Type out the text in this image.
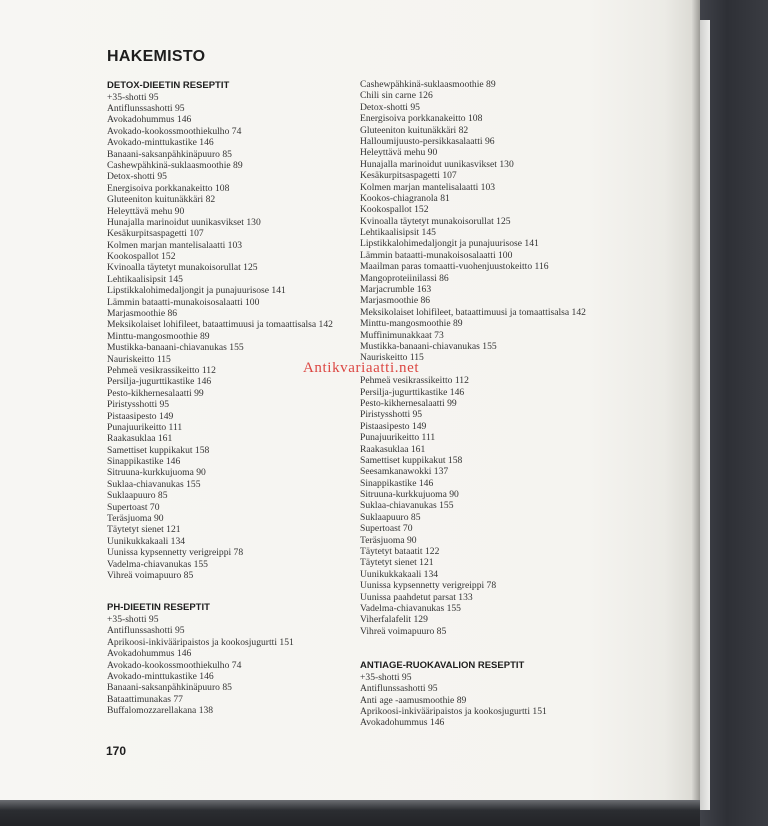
HAKEMISTO
DETOX-DIEETIN RESEPTIT
+35-shotti 95
Antiflunssashotti 95
Avokadohummus 146
Avokado-kookossmoothiekulho 74
Avokado-minttukastike 146
Banaani-saksanpähkinäpuuro 85
Cashewpähkinä-suklaasmoothie 89
Detox-shotti 95
Energisoiva porkkanakeitto 108
Gluteeniton kuitunäkkäri 82
Heleyttävä mehu 90
Hunajalla marinoidut uunikasvikset 130
Kesäkurpitsaspagetti 107
Kolmen marjan mantelisalaatti 103
Kookospallot 152
Kvinoalla täytetyt munakoisorullat 125
Lehtikaalisipsit 145
Lipstikkalohimedaljongit ja punajuurisose 141
Lämmin bataatti-munakoisosalaatti 100
Marjasmoothie 86
Meksikolaiset lohifileet, bataattimuusi ja tomaattisalsa 142
Minttu-mangosmoothie 89
Mustikka-banaani-chiavanukas 155
Nauriskeitto 115
Pehmeä vesikrassikeitto 112
Persilja-jugurttikastike 146
Pesto-kikhernesalaatti 99
Piristysshotti 95
Pistaasipesto 149
Punajuurikeitto 111
Raakasuklaa 161
Samettiset kuppikakut 158
Sinappikastike 146
Sitruuna-kurkkujuoma 90
Suklaa-chiavanukas 155
Suklaapuuro 85
Supertoast 70
Teräsjuoma 90
Täytetyt sienet 121
Uunikukkakaali 134
Uunissa kypsennetty verigreippi 78
Vadelma-chiavanukas 155
Vihreä voimapuuro 85
PH-DIEETIN RESEPTIT
+35-shotti 95
Antiflunssashotti 95
Aprikoosi-inkivääripaistos ja kookosjugurtti 151
Avokadohummus 146
Avokado-kookossmoothiekulho 74
Avokado-minttukastike 146
Banaani-saksanpähkinäpuuro 85
Bataattimunakas 77
Buffalomozzarellakana 138
Cashewpähkinä-suklaasmoothie 89
Chili sin carne 126
Detox-shotti 95
Energisoiva porkkanakeitto 108
Gluteeniton kuitunäkkäri 82
Halloumijuusto-persikkasalaatti 96
Heleyttävä mehu 90
Hunajalla marinoidut uunikasvikset 130
Kesäkurpitsaspagetti 107
Kolmen marjan mantelisalaatti 103
Kookos-chiagranola 81
Kookospallot 152
Kvinoalla täytetyt munakoisorullat 125
Lehtikaalisipsit 145
Lipstikkalohimedaljongit ja punajuurisose 141
Lämmin bataatti-munakoisosalaatti 100
Maailman paras tomaatti-vuohenjuustokeitto 116
Mangoproteiinilassi 86
Marjacrumble 163
Marjasmoothie 86
Meksikolaiset lohifileet, bataattimuusi ja tomaattisalsa 142
Minttu-mangosmoothie 89
Muffinimunakkaat 73
Mustikka-banaani-chiavanukas 155
Nauriskeitto 115
Pehmeä vesikrassikeitto 112
Persilja-jugurttikastike 146
Pesto-kikhernesalaatti 99
Piristysshotti 95
Pistaasipesto 149
Punajuurikeitto 111
Raakasuklaa 161
Samettiset kuppikakut 158
Seesamkanawokki 137
Sinappikastike 146
Sitruuna-kurkkujuoma 90
Suklaa-chiavanukas 155
Suklaapuuro 85
Supertoast 70
Teräsjuoma 90
Täytetyt bataatit 122
Täytetyt sienet 121
Uunikukkakaali 134
Uunissa kypsennetty verigreippi 78
Uunissa paahdetut parsat 133
Vadelma-chiavanukas 155
Viherfalafelit 129
Vihreä voimapuuro 85
ANTIAGE-RUOKAVALION RESEPTIT
+35-shotti 95
Antiflunssashotti 95
Anti age -aamusmoothie 89
Aprikoosi-inkivääripaistos ja kookosjugurtti 151
Avokadohummus 146
Antikvariaatti.net
170
